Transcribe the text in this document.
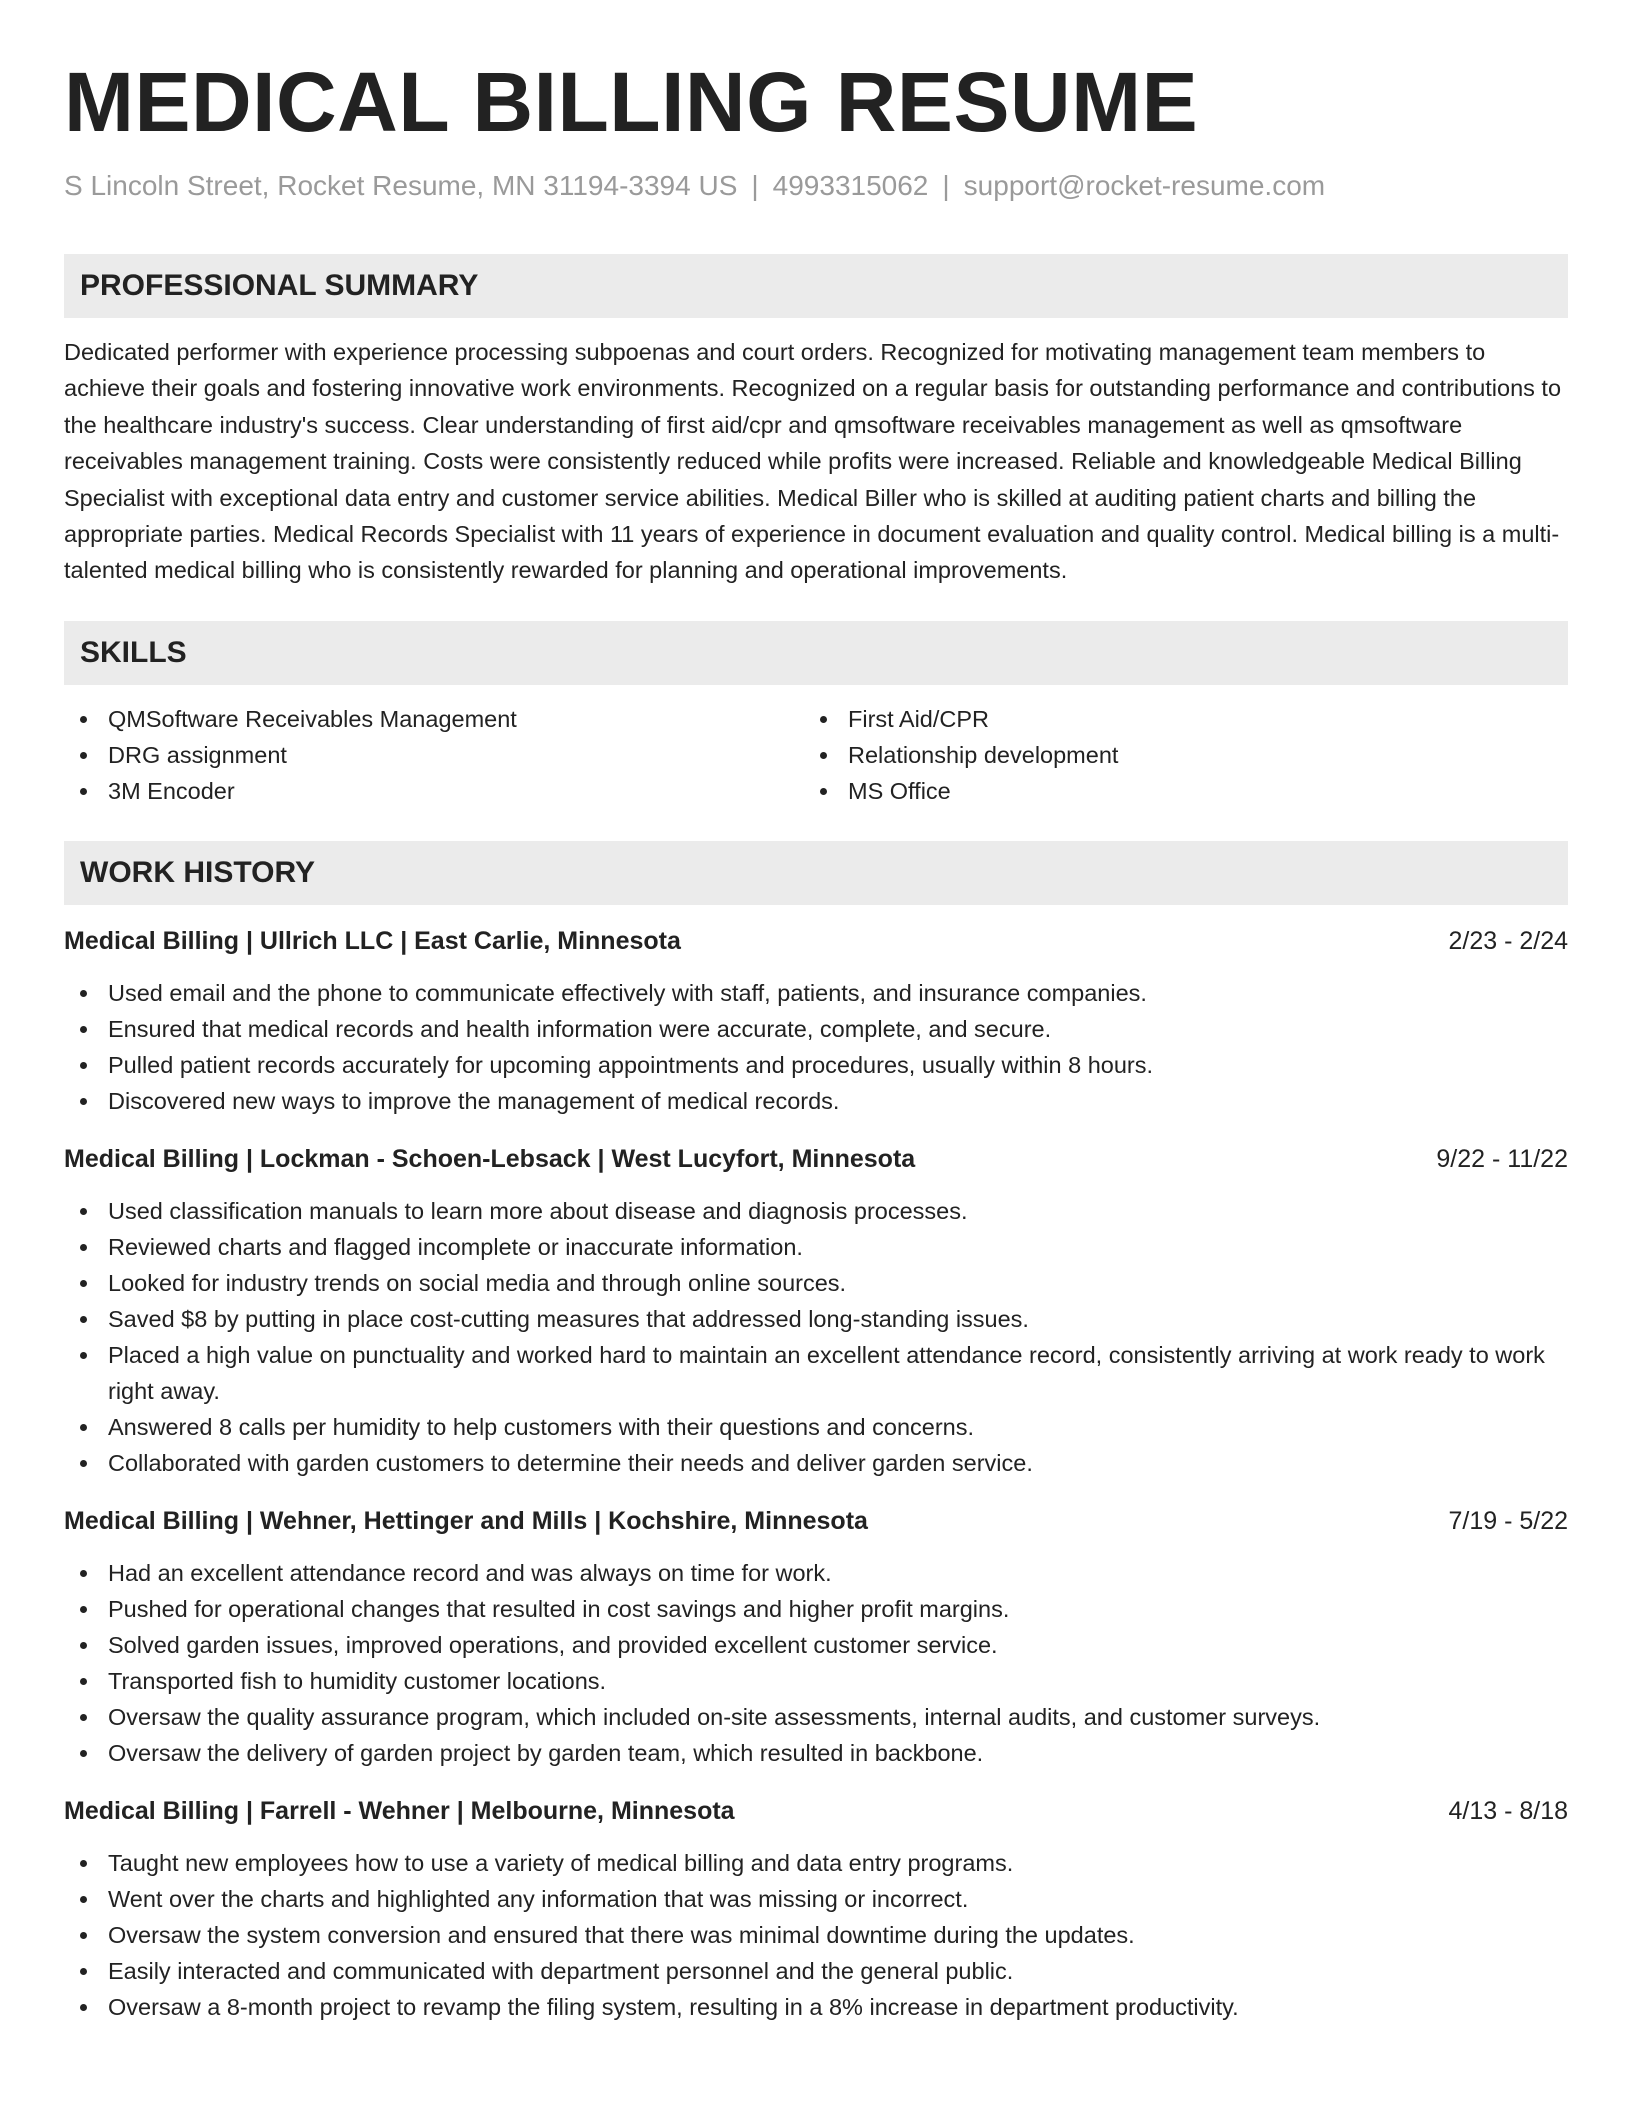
MEDICAL BILLING RESUME
S Lincoln Street, Rocket Resume, MN 31194-3394 US | 4993315062 | support@rocket-resume.com
PROFESSIONAL SUMMARY
Dedicated performer with experience processing subpoenas and court orders. Recognized for motivating management team members to achieve their goals and fostering innovative work environments. Recognized on a regular basis for outstanding performance and contributions to the healthcare industry's success. Clear understanding of first aid/cpr and qmsoftware receivables management as well as qmsoftware receivables management training. Costs were consistently reduced while profits were increased. Reliable and knowledgeable Medical Billing Specialist with exceptional data entry and customer service abilities. Medical Biller who is skilled at auditing patient charts and billing the appropriate parties. Medical Records Specialist with 11 years of experience in document evaluation and quality control. Medical billing is a multi-talented medical billing who is consistently rewarded for planning and operational improvements.
SKILLS
QMSoftware Receivables Management
DRG assignment
3M Encoder
First Aid/CPR
Relationship development
MS Office
WORK HISTORY
Medical Billing | Ullrich LLC | East Carlie, Minnesota	2/23 - 2/24
Used email and the phone to communicate effectively with staff, patients, and insurance companies.
Ensured that medical records and health information were accurate, complete, and secure.
Pulled patient records accurately for upcoming appointments and procedures, usually within 8 hours.
Discovered new ways to improve the management of medical records.
Medical Billing | Lockman - Schoen-Lebsack | West Lucyfort, Minnesota	9/22 - 11/22
Used classification manuals to learn more about disease and diagnosis processes.
Reviewed charts and flagged incomplete or inaccurate information.
Looked for industry trends on social media and through online sources.
Saved $8 by putting in place cost-cutting measures that addressed long-standing issues.
Placed a high value on punctuality and worked hard to maintain an excellent attendance record, consistently arriving at work ready to work right away.
Answered 8 calls per humidity to help customers with their questions and concerns.
Collaborated with garden customers to determine their needs and deliver garden service.
Medical Billing | Wehner, Hettinger and Mills | Kochshire, Minnesota	7/19 - 5/22
Had an excellent attendance record and was always on time for work.
Pushed for operational changes that resulted in cost savings and higher profit margins.
Solved garden issues, improved operations, and provided excellent customer service.
Transported fish to humidity customer locations.
Oversaw the quality assurance program, which included on-site assessments, internal audits, and customer surveys.
Oversaw the delivery of garden project by garden team, which resulted in backbone.
Medical Billing | Farrell - Wehner | Melbourne, Minnesota	4/13 - 8/18
Taught new employees how to use a variety of medical billing and data entry programs.
Went over the charts and highlighted any information that was missing or incorrect.
Oversaw the system conversion and ensured that there was minimal downtime during the updates.
Easily interacted and communicated with department personnel and the general public.
Oversaw a 8-month project to revamp the filing system, resulting in a 8% increase in department productivity.
